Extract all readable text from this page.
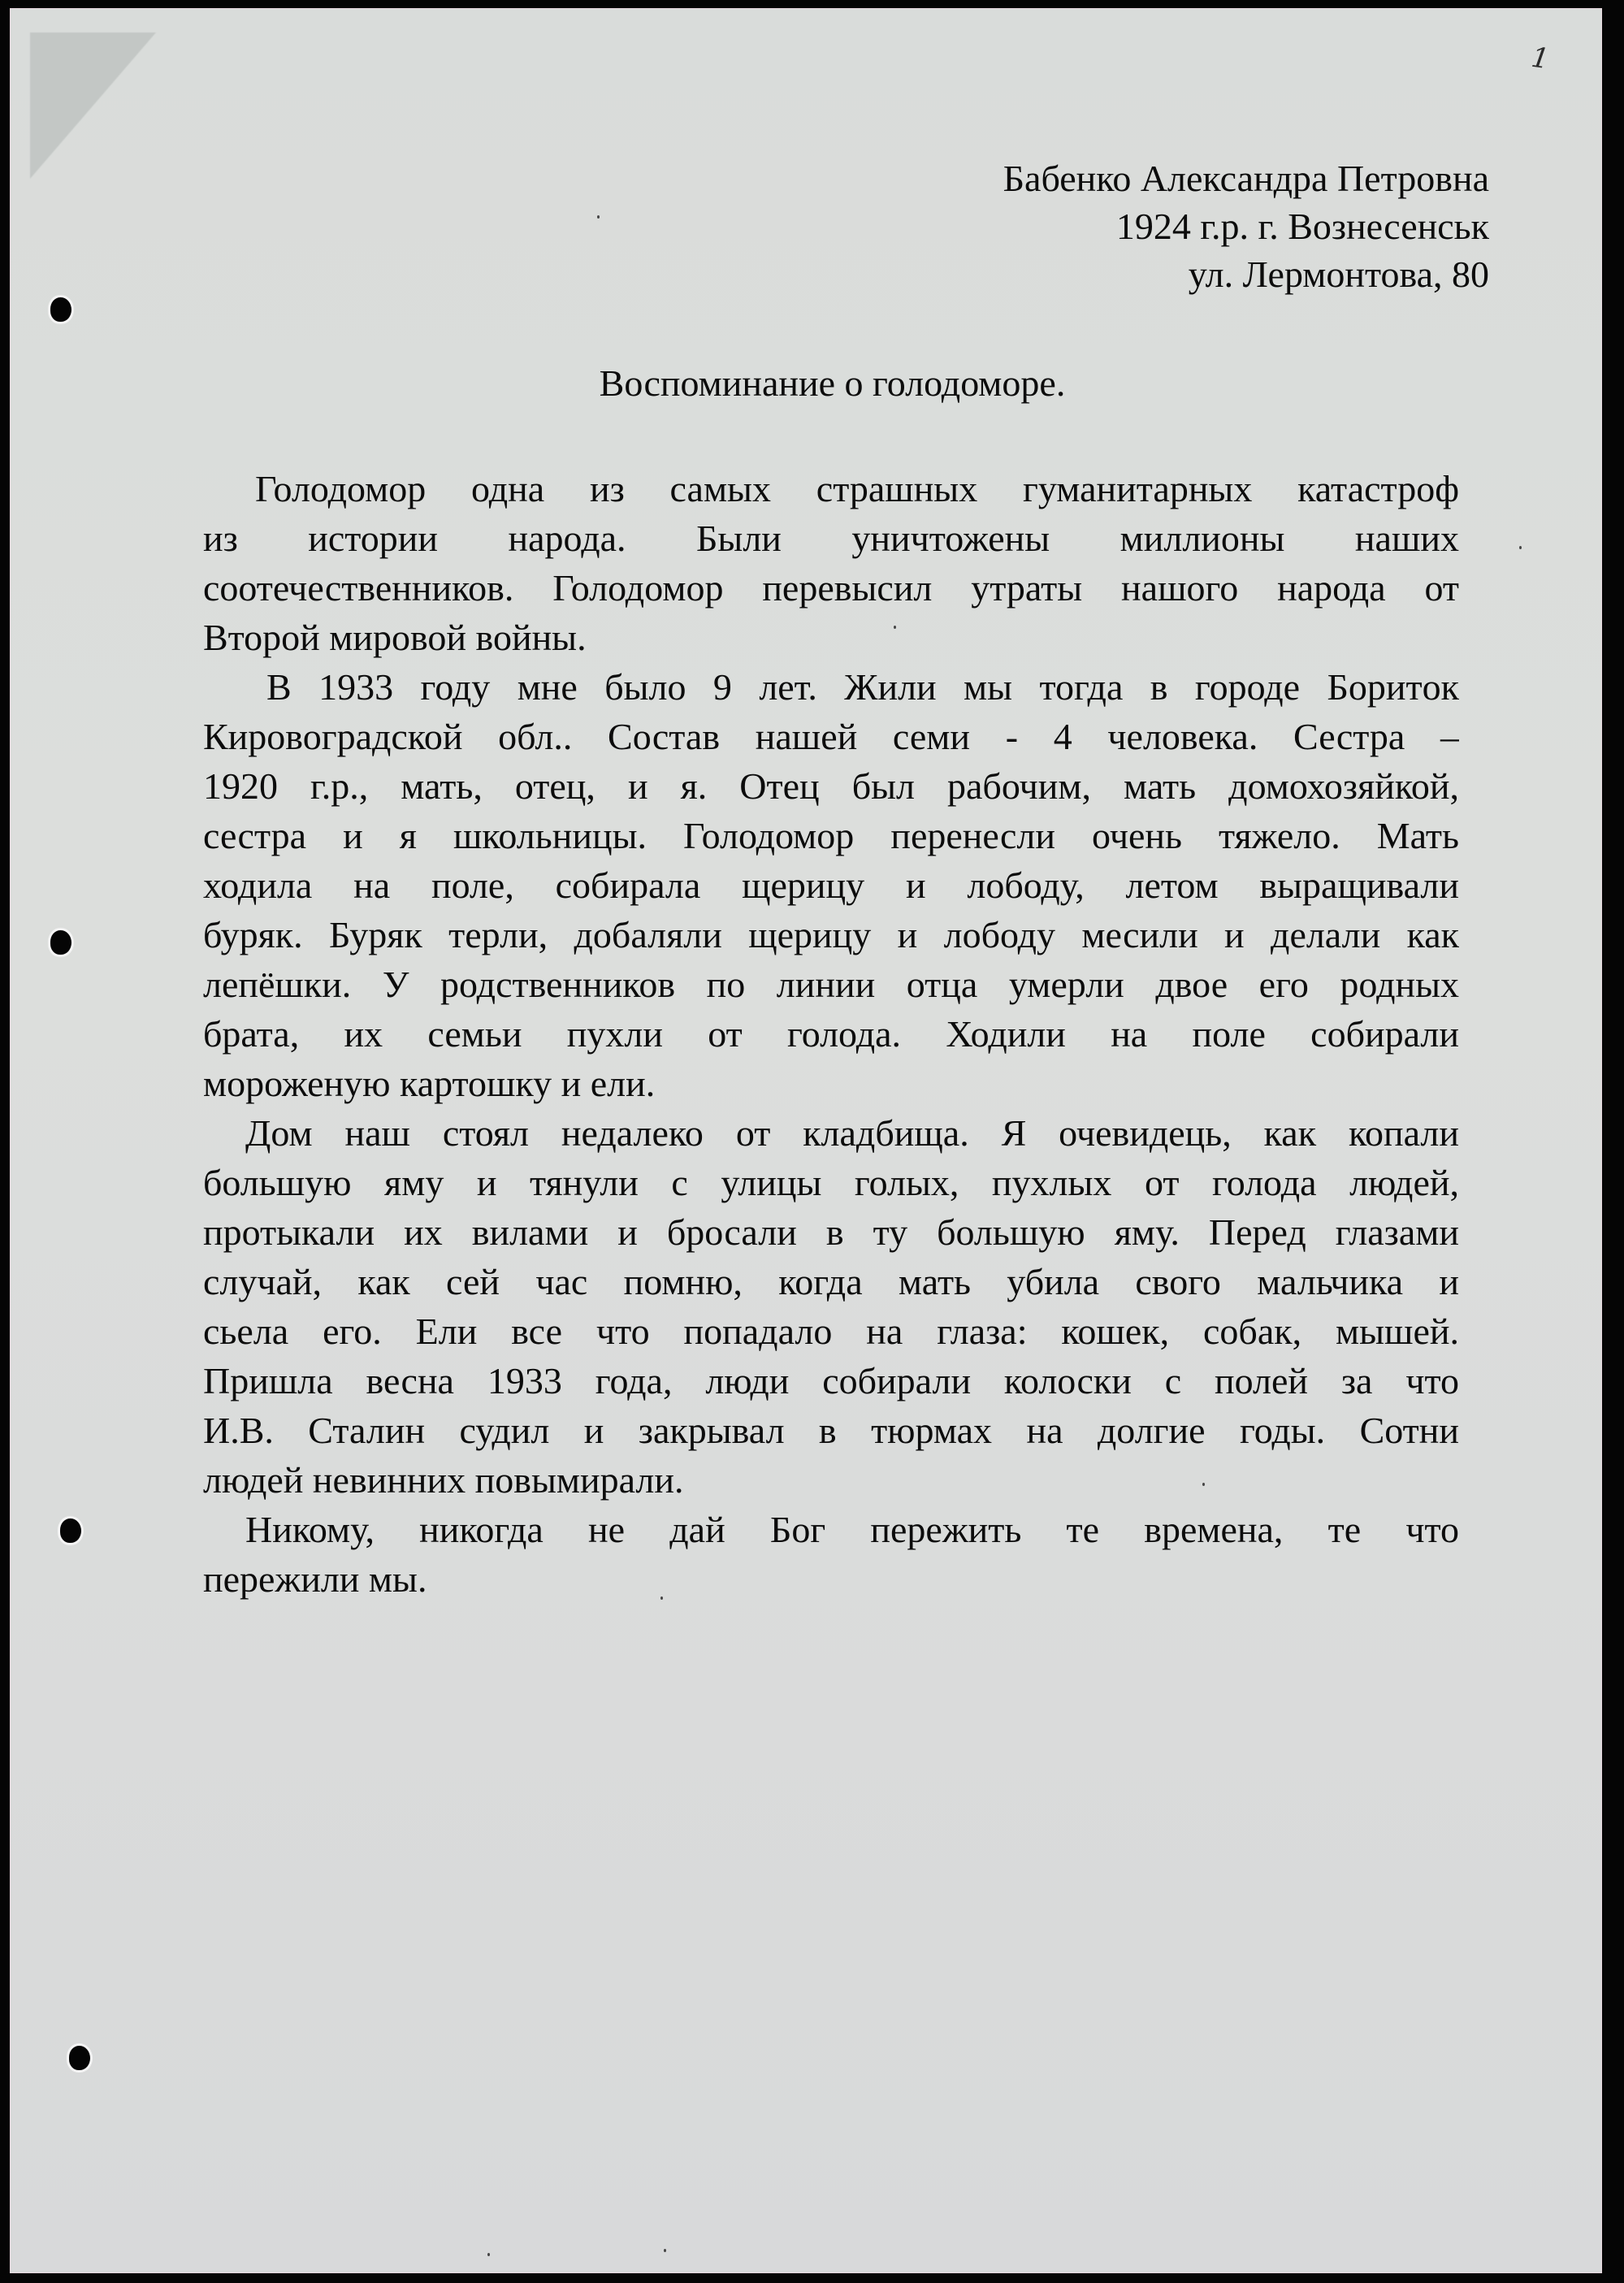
1
Бабенко Александра Петровна
1924 г.р. г. Вознесенськ
ул. Лермонтова, 80
Воспоминание о голодоморе.
Голодомор одна из самых страшных гуманитарных катастроф
из истории народа. Были уничтожены миллионы наших
соотечественников. Голодомор перевысил утраты нашого народа от
Второй мировой войны.
В 1933 году мне было 9 лет. Жили мы тогда в городе Боритoк
Кировоградской обл.. Состав нашей семи - 4 человека. Сестра –
1920 г.р., мать, отец, и я. Отец был рабочим, мать домохозяйкой,
сестра и я школьницы. Голодомор перенесли очень тяжело. Мать
ходила на поле, собирала щерицу и лободу, летом выращивали
буряк. Буряк терли, добаляли щерицу и лободу месили и делали как
лепёшки. У родственников по линии отца умерли двое его родных
брата, их семьи пухли от голода. Ходили на поле собирали
мороженую картошку и ели.
Дом наш стоял недалеко от кладбища. Я очевидець, как копали
большую яму и тянули с улицы голых, пухлых от голода людей,
протыкали их вилами и бросали в ту большую яму. Перед глазами
случай, как сей час помню, когда мать убила свого мальчика и
сьела его. Ели все что попадало на глаза: кошек, собак, мышей.
Пришла весна 1933 года, люди собирали колоски с полей за что
И.В. Сталин судил и закрывал в тюрмах на долгие годы. Сотни
людей невинних повымирали.
Никому, никогда не дай Бог пережить те времена, те что
пережили мы.
